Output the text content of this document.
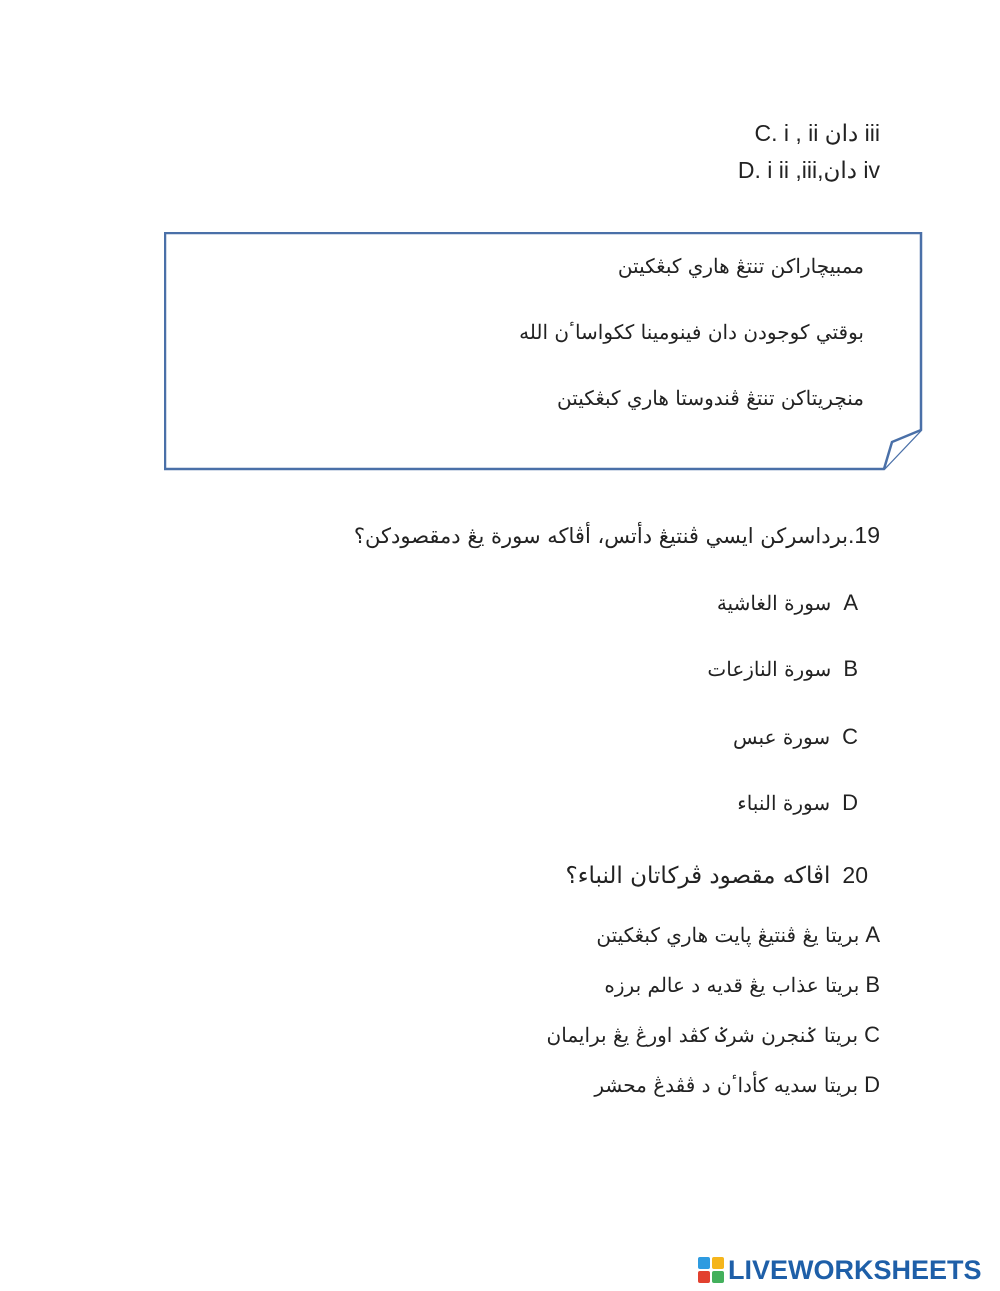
C. i , ii دان iii
D. i ii ,iii,دان iv
ممبيچاراکن تنتڠ هاري کبڠکيتن
بوقتي کوجودن دان فينومينا ککواساٴن الله
منچريتاکن تنتڠ ڤندوستا هاري کبڠکيتن
19.برداسرکن ايسي ڤنتيڠ دأتس، أڤاکه سورة يڠ دمقصودکن؟
Aسورة الغاشية
Bسورة النازعات
Cسورة عبس
Dسورة النباء
20اڤاکه مقصود ڤرکاتان النباء؟
Aبريتا يڠ ڤنتيڠ ڽايت هاري کبڠکيتن
Bبريتا عذاب يڠ قديه د عالم برزه
Cبريتا ݢنجرن شرݢ کڤد اورڠ يڠ برايمان
Dبريتا سديه کأداٴن د ڤڤدڠ محشر
LIVEWORKSHEETS
